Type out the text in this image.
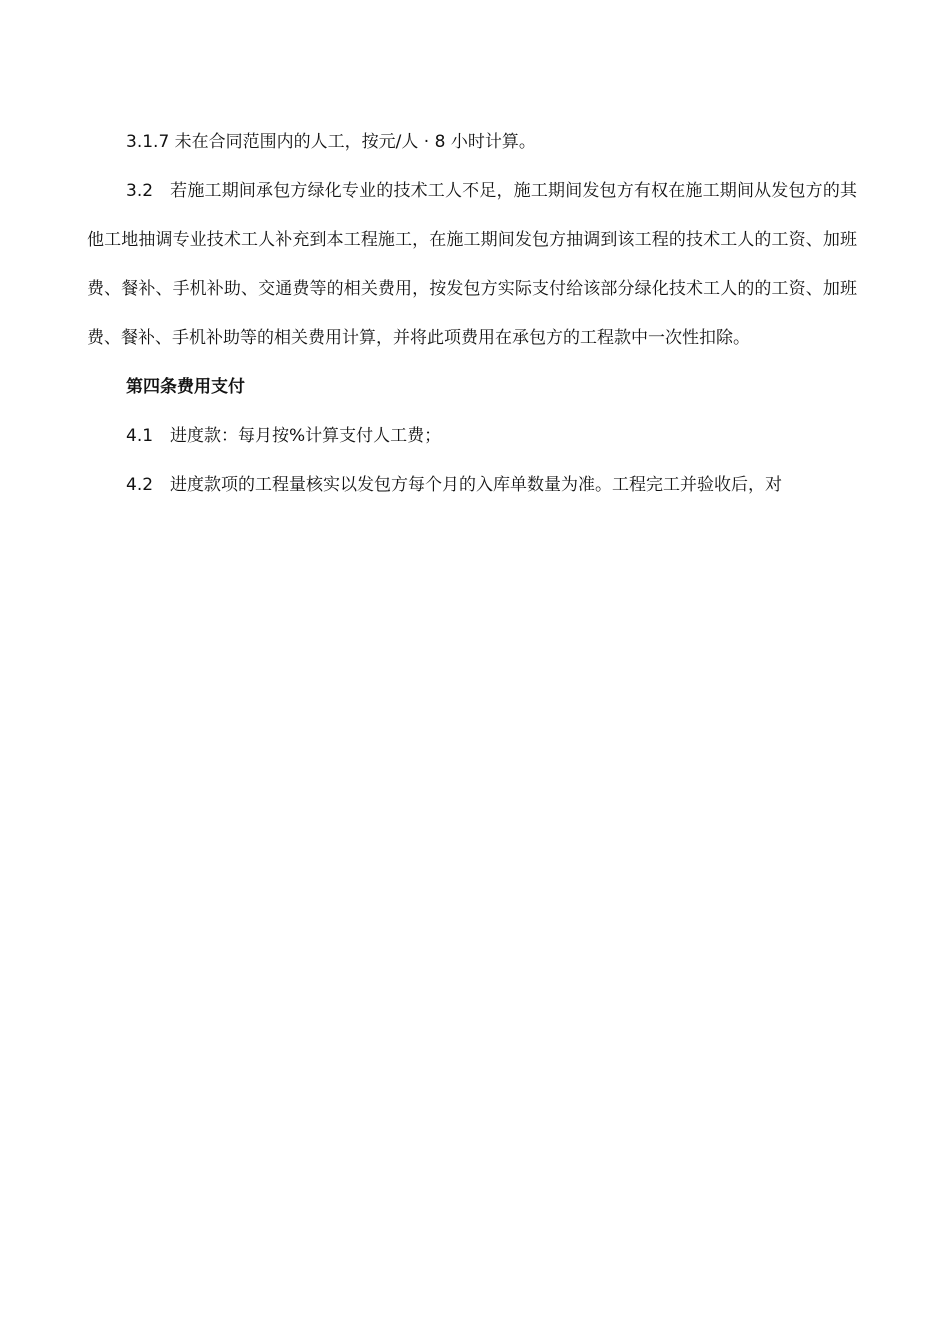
3.1.7 未在合同范围内的人工，按元/人 · 8 小时计算。

3.2 若施工期间承包方绿化专业的技术工人不足，施工期间发包方有权在施工期间从发包方的其他工地抽调专业技术工人补充到本工程施工，在施工期间发包方抽调到该工程的技术工人的工资、加班费、餐补、手机补助、交通费等的相关费用，按发包方实际支付给该部分绿化技术工人的的工资、加班费、餐补、手机补助等的相关费用计算，并将此项费用在承包方的工程款中一次性扣除。

第四条费用支付

4.1 进度款：每月按%计算支付人工费；

4.2 进度款项的工程量核实以发包方每个月的入库单数量为准。工程完工并验收后，对
